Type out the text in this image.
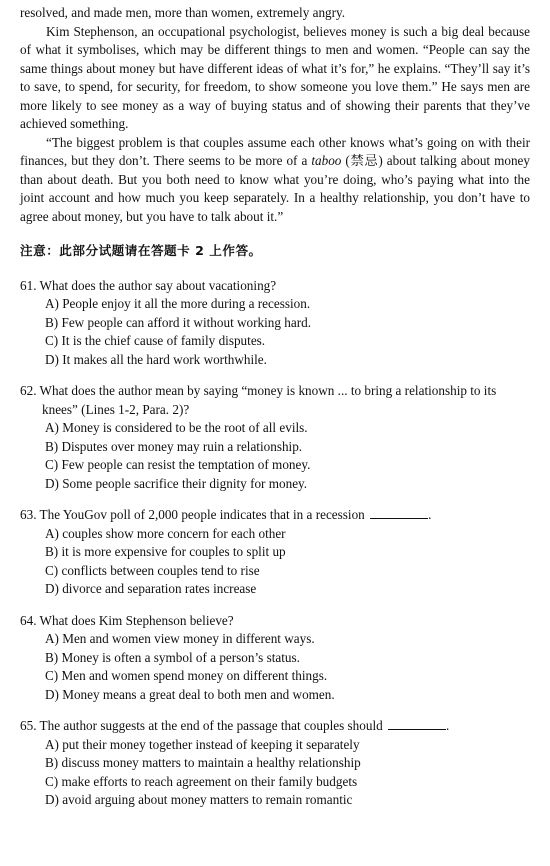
resolved, and made men, more than women, extremely angry.

Kim Stephenson, an occupational psychologist, believes money is such a big deal because of what it symbolises, which may be different things to men and women. “People can say the same things about money but have different ideas of what it’s for,” he explains. “They’ll say it’s to save, to spend, for security, for freedom, to show someone you love them.” He says men are more likely to see money as a way of buying status and of showing their parents that they’ve achieved something.

“The biggest problem is that couples assume each other knows what’s going on with their finances, but they don’t. There seems to be more of a taboo (禁忌) about talking about money than about death. But you both need to know what you’re doing, who’s paying what into the joint account and how much you keep separately. In a healthy relationship, you don’t have to agree about money, but you have to talk about it.”

注意：此部分试题请在答题卡 2 上作答。

61. What does the author say about vacationing?

A) People enjoy it all the more during a recession.
B) Few people can afford it without working hard.
C) It is the chief cause of family disputes.
D) It makes all the hard work worthwhile.

62. What does the author mean by saying “money is known ... to bring a relationship to its knees” (Lines 1-2, Para. 2)?

A) Money is considered to be the root of all evils.
B) Disputes over money may ruin a relationship.
C) Few people can resist the temptation of money.
D) Some people sacrifice their dignity for money.

63. The YouGov poll of 2,000 people indicates that in a recession	.

A) couples show more concern for each other
B) it is more expensive for couples to split up
C) conflicts between couples tend to rise
D) divorce and separation rates increase

64. What does Kim Stephenson believe?

A) Men and women view money in different ways.
B) Money is often a symbol of a person’s status.
C) Men and women spend money on different things.
D) Money means a great deal to both men and women.

65. The author suggests at the end of the passage that couples should	.

A) put their money together instead of keeping it separately
B) discuss money matters to maintain a healthy relationship
C) make efforts to reach agreement on their family budgets
D) avoid arguing about money matters to remain romantic
